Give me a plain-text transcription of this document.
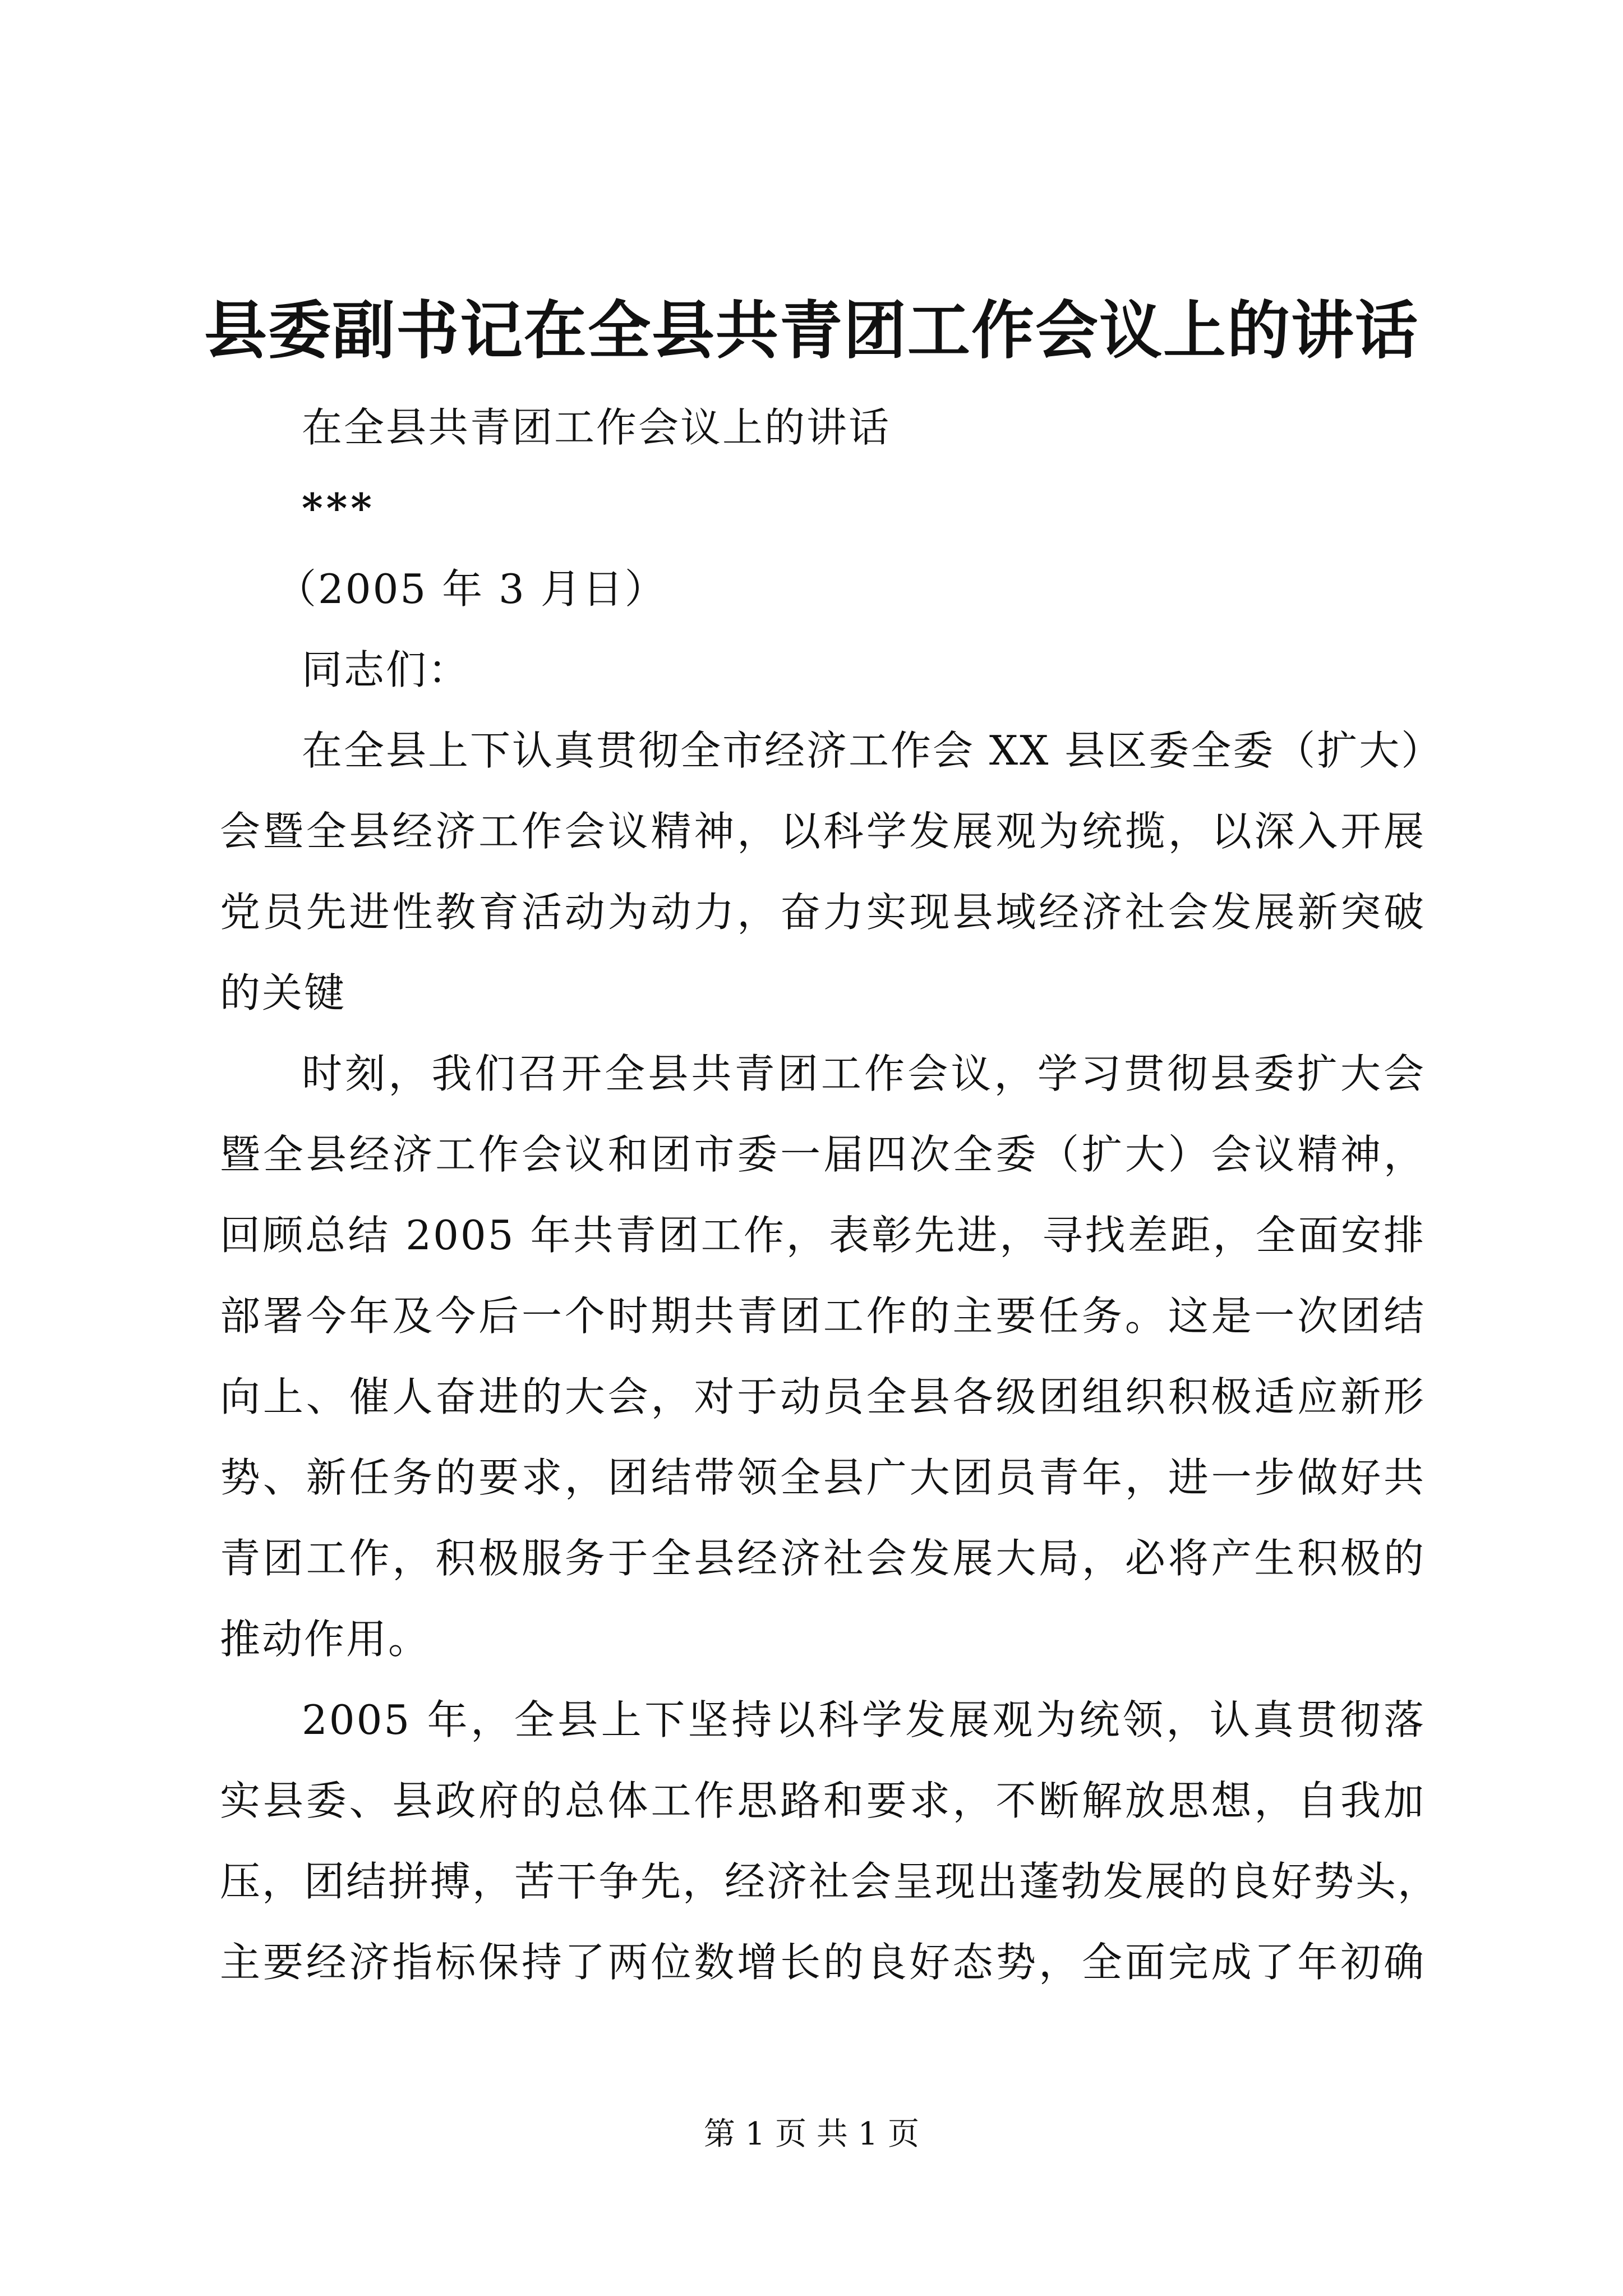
县委副书记在全县共青团工作会议上的讲话

在全县共青团工作会议上的讲话

***

（2005 年 3 月日）

同志们：

在全县上下认真贯彻全市经济工作会 XX 县区委全委（扩大）

会暨全县经济工作会议精神，以科学发展观为统揽，以深入开展

党员先进性教育活动为动力，奋力实现县域经济社会发展新突破

的关键

时刻，我们召开全县共青团工作会议，学习贯彻县委扩大会

暨全县经济工作会议和团市委一届四次全委（扩大）会议精神，

回顾总结 2005 年共青团工作，表彰先进，寻找差距，全面安排

部署今年及今后一个时期共青团工作的主要任务。这是一次团结

向上、催人奋进的大会，对于动员全县各级团组织积极适应新形

势、新任务的要求，团结带领全县广大团员青年，进一步做好共

青团工作，积极服务于全县经济社会发展大局，必将产生积极的

推动作用。

2005 年，全县上下坚持以科学发展观为统领，认真贯彻落

实县委、县政府的总体工作思路和要求，不断解放思想，自我加

压，团结拼搏，苦干争先，经济社会呈现出蓬勃发展的良好势头，

主要经济指标保持了两位数增长的良好态势，全面完成了年初确

第 1 页 共 1 页
